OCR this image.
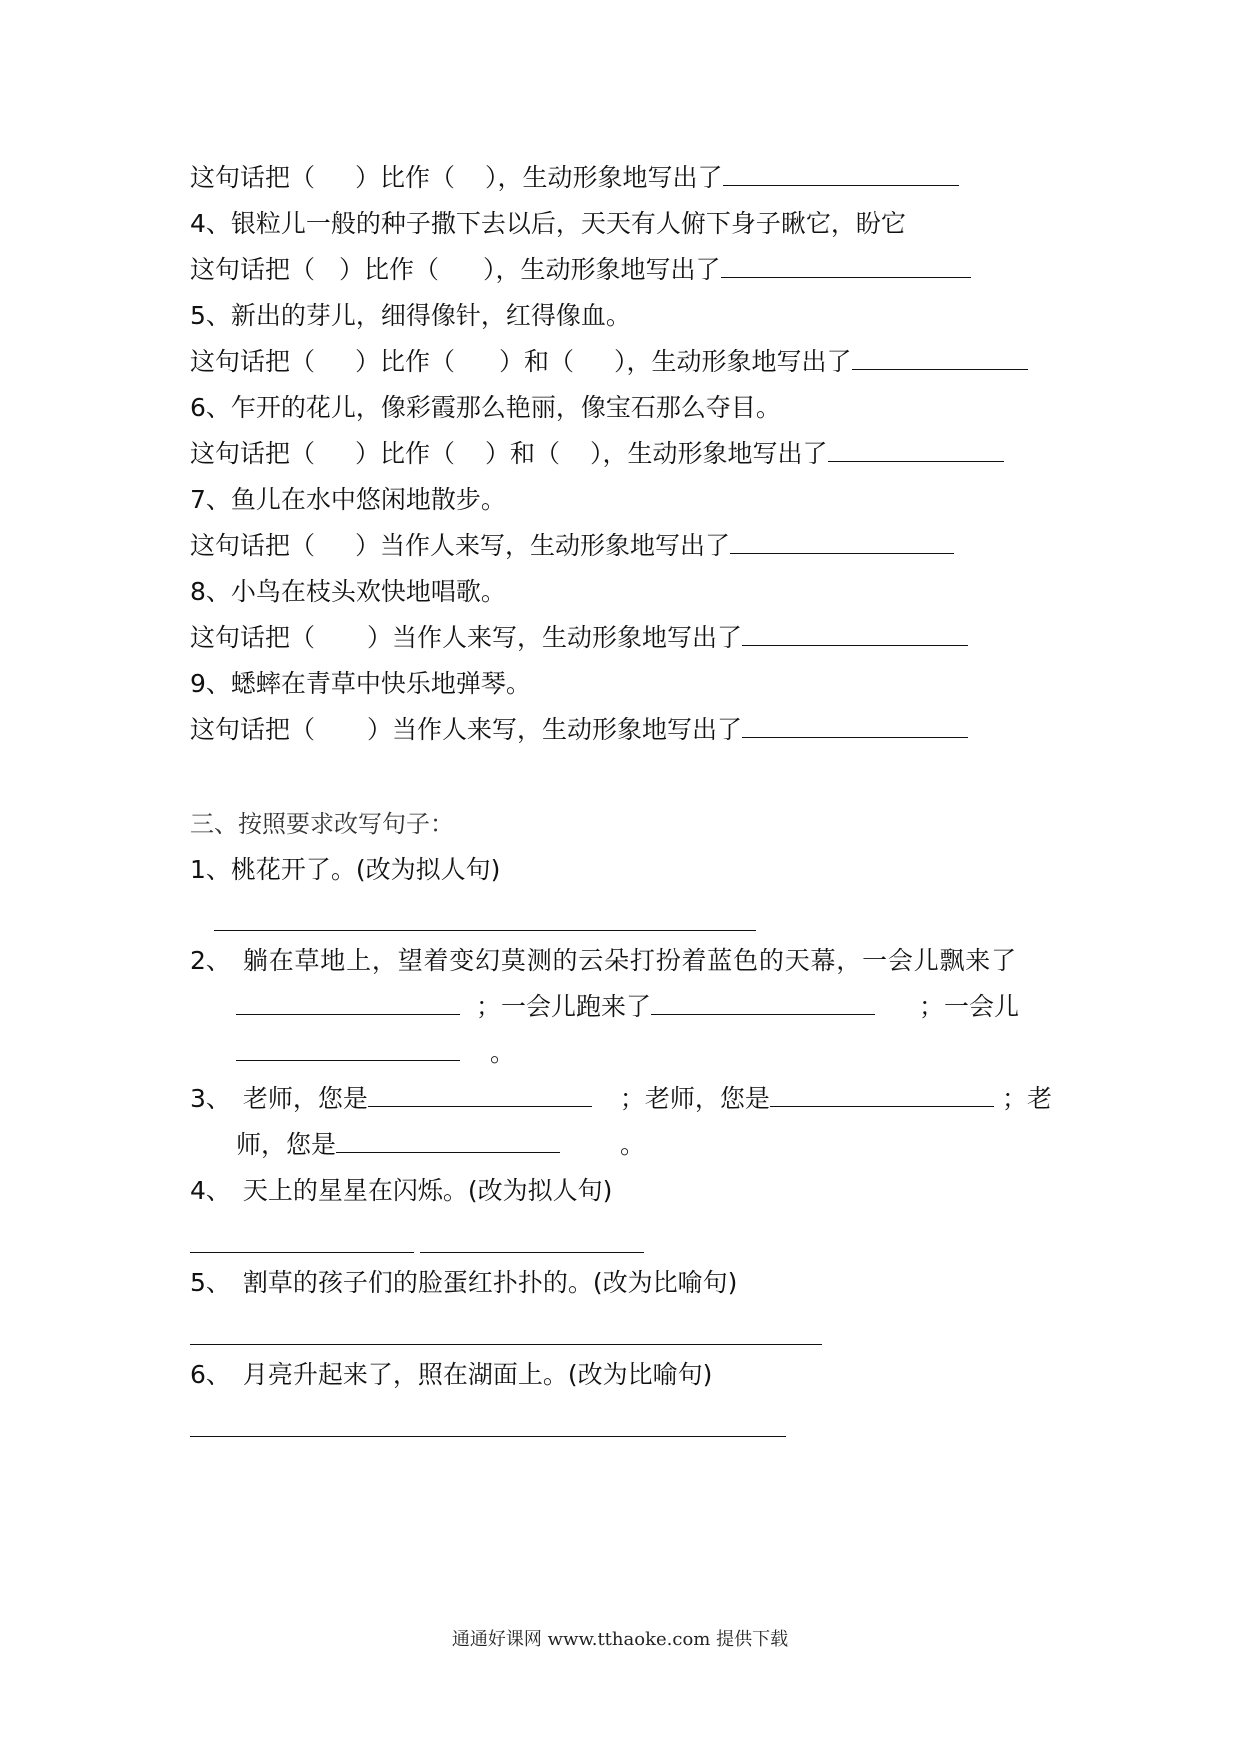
这句话把（ ）比作（ ），生动形象地写出了
4、银粒儿一般的种子撒下去以后，天天有人俯下身子瞅它，盼它
这句话把（ ）比作（ ），生动形象地写出了
5、新出的芽儿，细得像针，红得像血。
这句话把（ ）比作（ ）和（ ），生动形象地写出了
6、乍开的花儿，像彩霞那么艳丽，像宝石那么夺目。
这句话把（ ）比作（ ）和（ ），生动形象地写出了
7、鱼儿在水中悠闲地散步。
这句话把（ ）当作人来写，生动形象地写出了
8、小鸟在枝头欢快地唱歌。
这句话把（ ）当作人来写，生动形象地写出了
9、蟋蟀在青草中快乐地弹琴。
这句话把（ ）当作人来写，生动形象地写出了
三、按照要求改写句子：
1、桃花开了。(改为拟人句)
2、 躺在草地上，望着变幻莫测的云朵打扮着蓝色的天幕，一会儿飘来了
；一会儿跑来了	；一会儿
。
3、 老师，您是	；老师，您是	；老
师，您是	。
4、 天上的星星在闪烁。(改为拟人句)
5、 割草的孩子们的脸蛋红扑扑的。(改为比喻句)
6、 月亮升起来了，照在湖面上。(改为比喻句)
通通好课网 www.tthaoke.com 提供下载
